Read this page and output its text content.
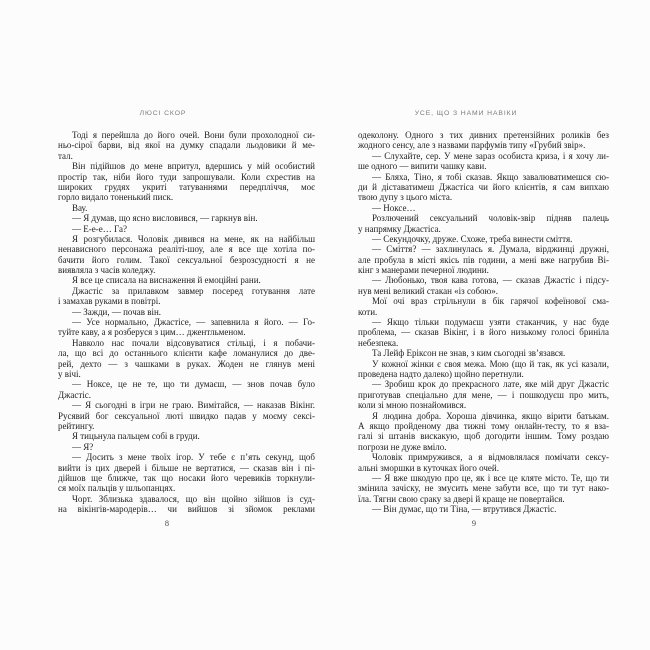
ЛЮСІ СКОР	УСЕ, ЩО З НАМИ НАВІКИ
Тоді я перейшла до його очей. Вони були прохолодної си-
ньо-сірої барви, від якої на думку спадали льодовики й ме-
тал.
Він підійшов до мене впритул, вдершись у мій особистий
простір так, ніби його туди запрошували. Коли схрестив на
широких грудях укриті татуваннями передпліччя, моє
горло видало тоненький писк.
Вау.
— Я думав, що ясно висловився, — гаркнув він.
— Е-е-е… Га?
Я розгубилася. Чоловік дивився на мене, як на найбільш
ненависного персонажа реаліті-шоу, але я все ще хотіла по-
бачити його голим. Такої сексуальної безрозсудності я не
виявляла з часів коледжу.
Я все це списала на виснаження й емоційні рани.
Джастіс за прилавком завмер посеред готування лате
і замахав руками в повітрі.
— Зажди, — почав він.
— Усе нормально, Джастісе, — запевнила я його. — Го-
туйте каву, а я розберуся з цим… джентльменом.
Навколо нас почали відсовуватися стільці, і я побачи-
ла, що всі до останнього клієнти кафе ломанулися до две-
рей, дехто — з чашками в руках. Жоден не глянув мені
у вічі.
— Ноксе, це не те, що ти думаєш, — знов почав було
Джастіс.
— Я сьогодні в ігри не граю. Вимітайся, — наказав Вікінг.
Русявий бог сексуальної люті швидко падав у моєму сексі-
рейтингу.
Я тицьнула пальцем собі в груди.
— Я?
— Досить з мене твоїх ігор. У тебе є п’ять секунд, щоб
вийти із цих дверей і більше не вертатися, — сказав він і пі-
дійшов ще ближче, так що носаки його черевиків торкнули-
ся моїх пальців у шльопанцях.
Чорт. Зблизька здавалося, що він щойно зійшов із суд-
на вікінгів-мародерів… чи вийшов зі зйомок реклами
одеколону. Одного з тих дивних претензійних роликів без
жодного сенсу, але з назвами парфумів типу «Грубий звір».
— Слухайте, сер. У мене зараз особиста криза, і я хочу ли-
ше одного — випити чашку кави.
— Бляха, Тіно, я тобі сказав. Якщо завалюватимешся сю-
ди й діставатимеш Джастіса чи його клієнтів, я сам випхаю
твою дупу з цього міста.
— Ноксе…
Розлючений сексуальний чоловік-звір підняв палець
у напрямку Джастіса.
— Секундочку, друже. Схоже, треба винести сміття.
— Сміття? — захлинулась я. Думала, вірджинці дружні,
але пробула в місті якісь пів години, а мені вже нагрубив Ві-
кінг з манерами печерної людини.
— Любонько, твоя кава готова, — сказав Джастіс і підсу-
нув мені великий стакан «із собою».
Мої очі враз стрільнули в бік гарячої кофеїнової сма-
коти.
— Якщо тільки подумаєш узяти стаканчик, у нас буде
проблема, — сказав Вікінг, і в його низькому голосі бриніла
небезпека.
Та Лейф Еріксон не знав, з ким сьогодні зв’язався.
У кожної жінки є своя межа. Мою (що й так, як усі казали,
проведена надто далеко) щойно перетнули.
— Зробиш крок до прекрасного лате, яке мій друг Джастіс
приготував спеціально для мене, — і пошкодуєш про мить,
коли зі мною познайомився.
Я людина добра. Хороша дівчинка, якщо вірити батькам.
А якщо пройденому два тижні тому онлайн-тесту, то я вза-
галі зі штанів вискакую, щоб догодити іншим. Тому роздаю
погрози не дуже вміло.
Чоловік примружився, а я відмовлялася помічати сексу-
альні зморшки в куточках його очей.
— Я вже шкодую про це, як і все це кляте місто. Те, що ти
змінила зачіску, не змусить мене забути все, що ти тут нако-
їла. Тягни свою сраку за двері й краще не повертайся.
— Він думає, що ти Тіна, — втрутився Джастіс.
8	9
